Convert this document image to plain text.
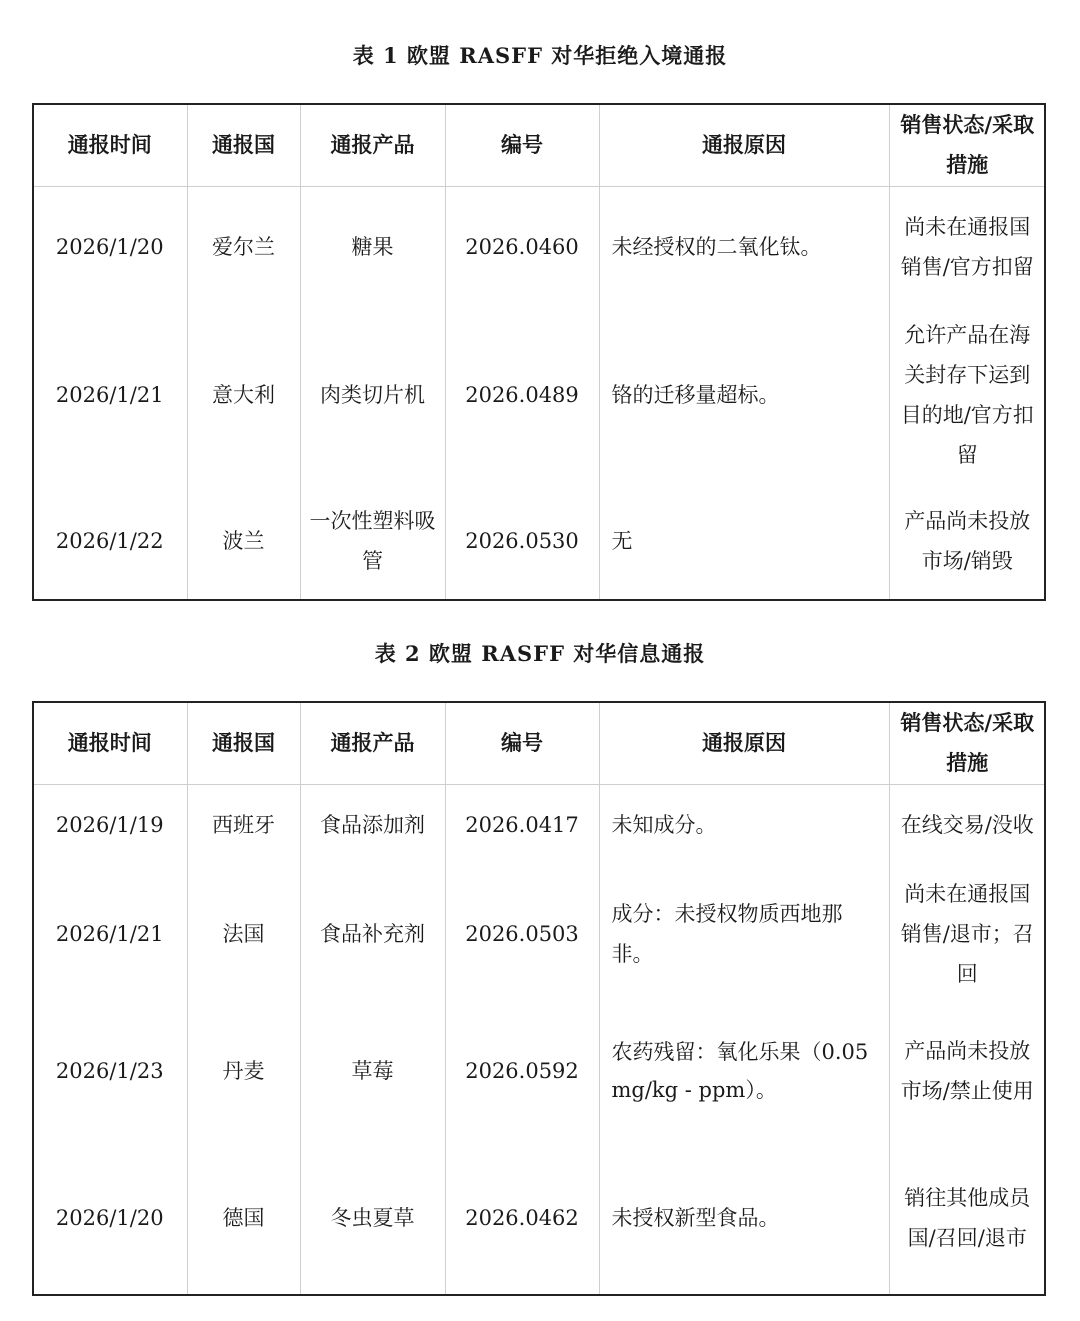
表 1 欧盟 RASFF 对华拒绝入境通报
通报时间	通报国	通报产品	编号	通报原因	销售状态/采取措施
2026/1/20	爱尔兰	糖果	2026.0460	未经授权的二氧化钛。	尚未在通报国销售/官方扣留
2026/1/21	意大利	肉类切片机	2026.0489	铬的迁移量超标。	允许产品在海关封存下运到目的地/官方扣留
2026/1/22	波兰	一次性塑料吸管	2026.0530	无	产品尚未投放市场/销毁
表 2 欧盟 RASFF 对华信息通报
通报时间	通报国	通报产品	编号	通报原因	销售状态/采取措施
2026/1/19	西班牙	食品添加剂	2026.0417	未知成分。	在线交易/没收
2026/1/21	法国	食品补充剂	2026.0503	成分：未授权物质西地那非。	尚未在通报国销售/退市；召回
2026/1/23	丹麦	草莓	2026.0592	农药残留：氧化乐果（0.05 mg/kg - ppm）。	产品尚未投放市场/禁止使用
2026/1/20	德国	冬虫夏草	2026.0462	未授权新型食品。	销往其他成员国/召回/退市
